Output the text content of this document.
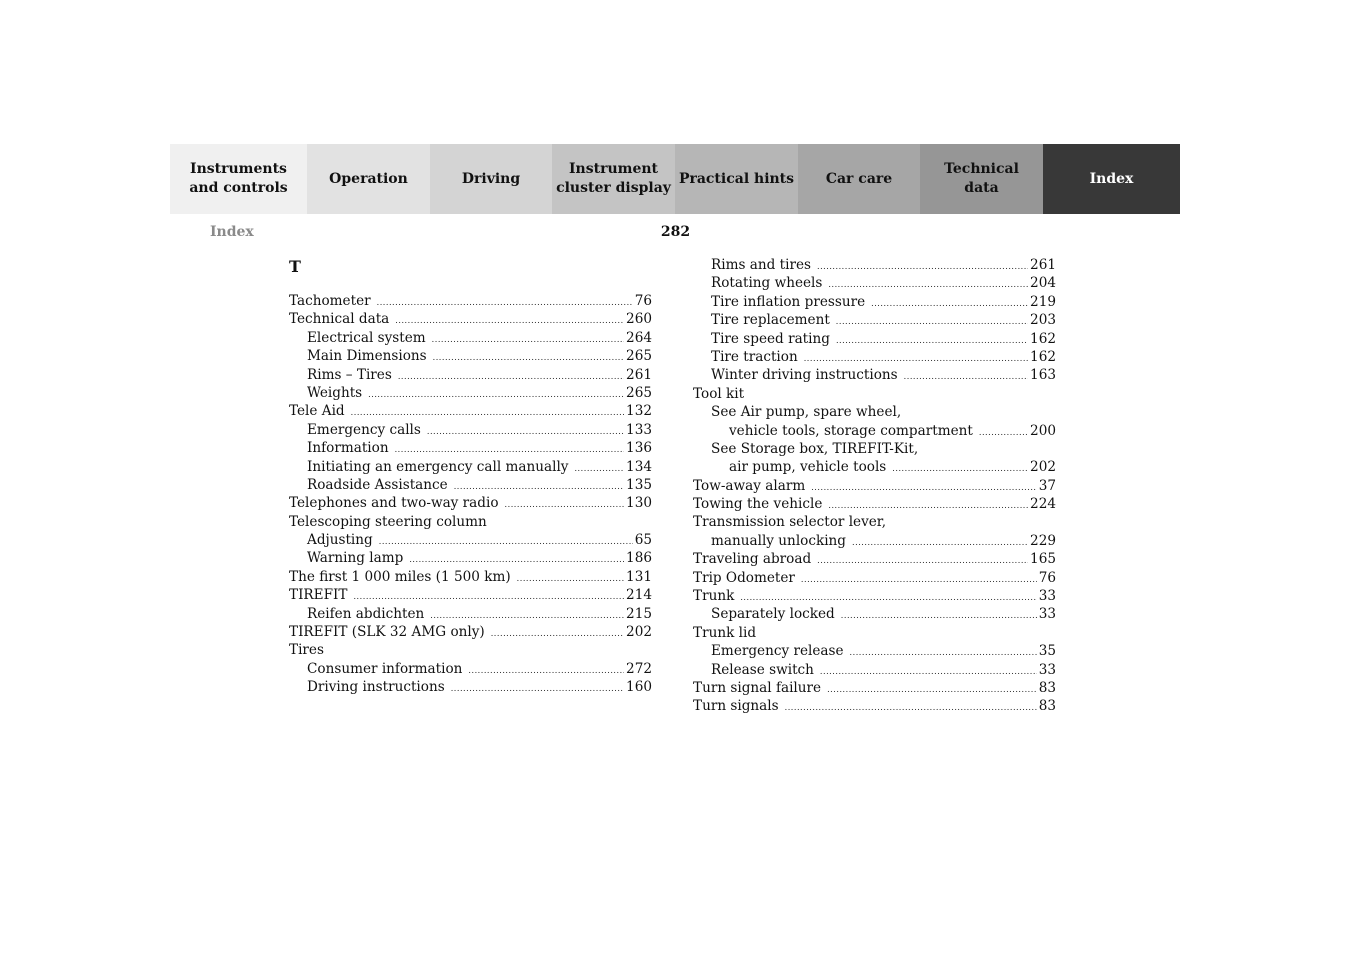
Instruments
and controls
Operation	Driving
Instrument
cluster display
Practical hints	Car care
Technical
data
Index
Index	282
T
Tachometer . . .	76
Technical data . . .	260
Electrical system . . .	264
Main Dimensions . . .	265
Rims – Tires . . .	261
Weights . . .	265
Tele Aid . . .	132
Emergency calls . . .	133
Information . . .	136
Initiating an emergency call manually . . .	134
Roadside Assistance . . .	135
Telephones and two-way radio . . .	130
Telescoping steering column
Adjusting . . .	65
Warning lamp . . .	186
The first 1 000 miles (1 500 km) . . .	131
TIREFIT . . .	214
Reifen abdichten . . .	215
TIREFIT (SLK 32 AMG only) . . .	202
Tires
Consumer information . . .	272
Driving instructions . . .	160
Rims and tires . . .	261
Rotating wheels . . .	204
Tire inflation pressure . . .	219
Tire replacement . . .	203
Tire speed rating . . .	162
Tire traction . . .	162
Winter driving instructions . . .	163
Tool kit
See Air pump, spare wheel,
vehicle tools, storage compartment . . .	200
See Storage box, TIREFIT-Kit,
air pump, vehicle tools . . .	202
Tow-away alarm . . .	37
Towing the vehicle . . .	224
Transmission selector lever,
manually unlocking . . .	229
Traveling abroad . . .	165
Trip Odometer . . .	76
Trunk . . .	33
Separately locked . . .	33
Trunk lid
Emergency release . . .	35
Release switch . . .	33
Turn signal failure . . .	83
Turn signals . . .	83
